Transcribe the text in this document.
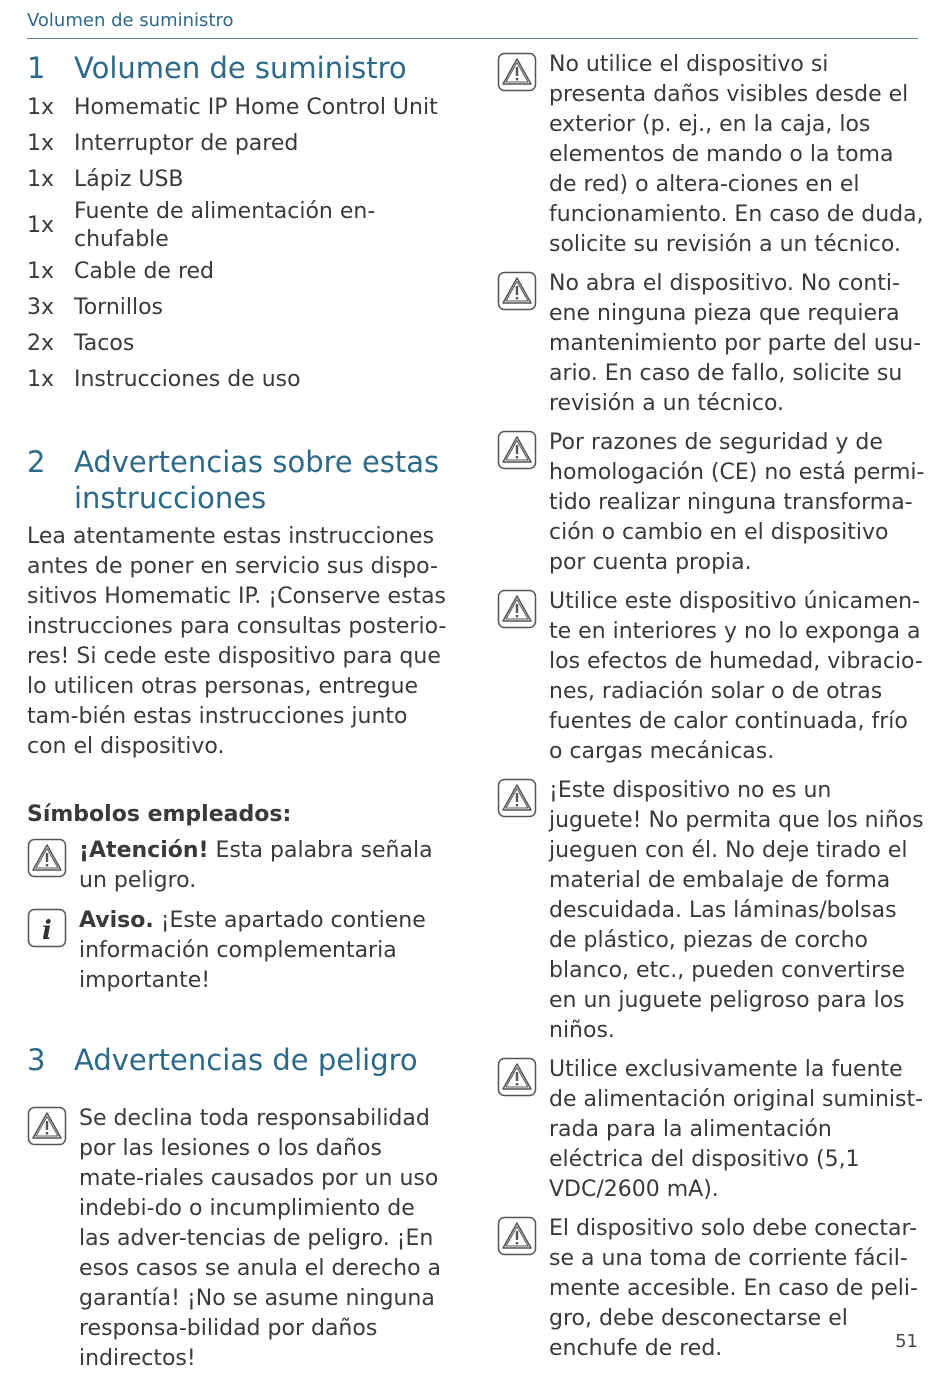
Volumen de suministro
1 Volumen de suministro
1x Homematic IP Home Control Unit
1x Interruptor de pared
1x Lápiz USB
1x
Fuente de alimentación en-
chufable
1x Cable de red
3x Tornillos
2x Tacos
1x Instrucciones de uso
2 Advertencias sobre estas instrucciones

Lea atentamente estas instrucciones antes de poner en servicio sus dispo-sitivos Homematic IP. ¡Conserve estas instrucciones para consultas posterio-res! Si cede este dispositivo para que lo utilicen otras personas, entregue tam-bién estas instrucciones junto con el dispositivo.

Símbolos empleados:
¡Atención! Esta palabra señala un peligro.
i Aviso. ¡Este apartado contiene información complementaria importante!
3 Advertencias de peligro
Se declina toda responsabilidad por las lesiones o los daños mate-riales causados por un uso indebi-do o incumplimiento de las adver-tencias de peligro. ¡En esos casos se anula el derecho a garantía! ¡No se asume ninguna responsa-bilidad por daños indirectos!
No utilice el dispositivo si presenta daños visibles desde el exterior (p. ej., en la caja, los elementos de mando o la toma de red) o altera-ciones en el funcionamiento. En caso de duda, solicite su revisión a un técnico.
No abra el dispositivo. No conti-ene ninguna pieza que requiera mantenimiento por parte del usu-ario. En caso de fallo, solicite su revisión a un técnico.
Por razones de seguridad y de homologación (CE) no está permi-tido realizar ninguna transforma-ción o cambio en el dispositivo por cuenta propia.
Utilice este dispositivo únicamen-te en interiores y no lo exponga a los efectos de humedad, vibracio-nes, radiación solar o de otras fuentes de calor continuada, frío o cargas mecánicas.
¡Este dispositivo no es un juguete! No permita que los niños jueguen con él. No deje tirado el material de embalaje de forma descuidada. Las láminas/bolsas de plástico, piezas de corcho blanco, etc., pueden convertirse en un juguete peligroso para los niños.
Utilice exclusivamente la fuente de alimentación original suminist-rada para la alimentación eléctrica del dispositivo (5,1 VDC/2600 mA).
El dispositivo solo debe conectar-se a una toma de corriente fácil-mente accesible. En caso de peli-gro, debe desconectarse el enchufe de red.	51
